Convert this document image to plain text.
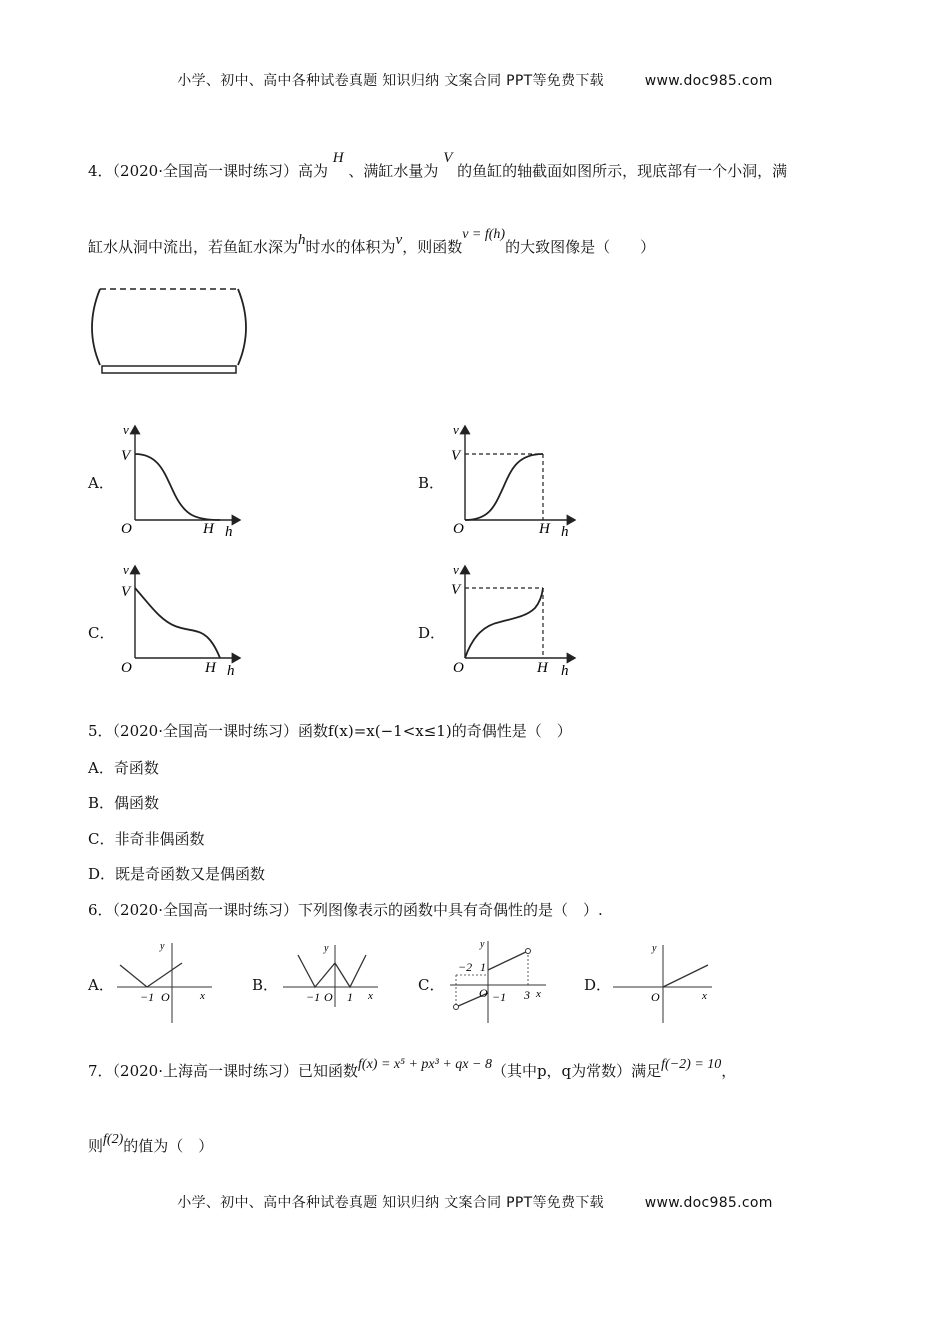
小学、初中、高中各种试卷真题 知识归纳 文案合同 PPT等免费下载	www.doc985.com
4．（2020·全国高一课时练习）高为 H 、满缸水量为 V 的鱼缸的轴截面如图所示，现底部有一个小洞，满
缸水从洞中流出，若鱼缸水深为h时水的体积为v，则函数v = f(h)的大致图像是（　　）
A．
v
V
O	H h
B．
v
V
O	H h
C．
v
V
O	H h
D．
v
V
O	H h
5．（2020·全国高一课时练习）函数f(x)=x(−1<x≤1)的奇偶性是（　）
A．奇函数
B．偶函数
C．非奇非偶函数
D．既是奇函数又是偶函数
6．（2020·全国高一课时练习）下列图像表示的函数中具有奇偶性的是（　）.
A．
y
x
−1 O
B．
y
x
−1 O 1
C．
y
x
−2 1
O −1 3
D．
y
x
O
7．（2020·上海高一课时练习）已知函数f(x) = x⁵ + px³ + qx − 8（其中p，q为常数）满足f(−2) = 10，
则f(2)的值为（　）
小学、初中、高中各种试卷真题 知识归纳 文案合同 PPT等免费下载	www.doc985.com
